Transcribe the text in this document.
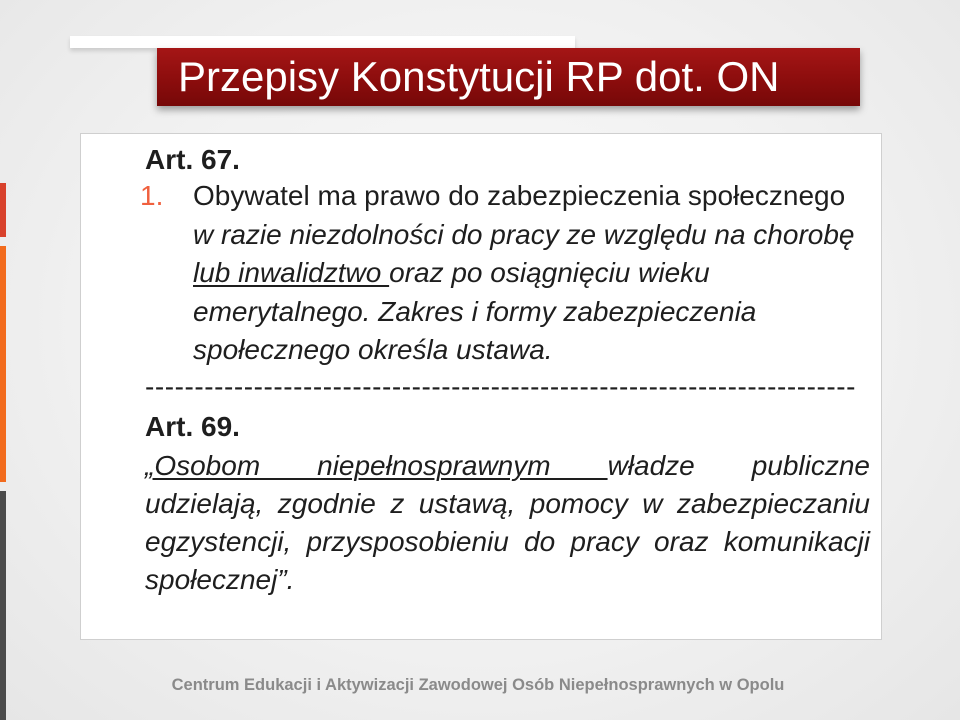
Przepisy Konstytucji RP dot. ON
Art. 67.
1. Obywatel ma prawo do zabezpieczenia społecznego
w razie niezdolności do pracy ze względu na chorobę
lub inwalidztwo oraz po osiągnięciu wieku
emerytalnego. Zakres i formy zabezpieczenia
społecznego określa ustawa.
------------------------------------------------------------------------
Art. 69.
„Osobom niepełnosprawnym władze publiczne
udzielają, zgodnie z ustawą, pomocy w zabezpieczaniu
egzystencji, przysposobieniu do pracy oraz komunikacji
społecznej”.
Centrum Edukacji i Aktywizacji Zawodowej Osób Niepełnosprawnych w Opolu
